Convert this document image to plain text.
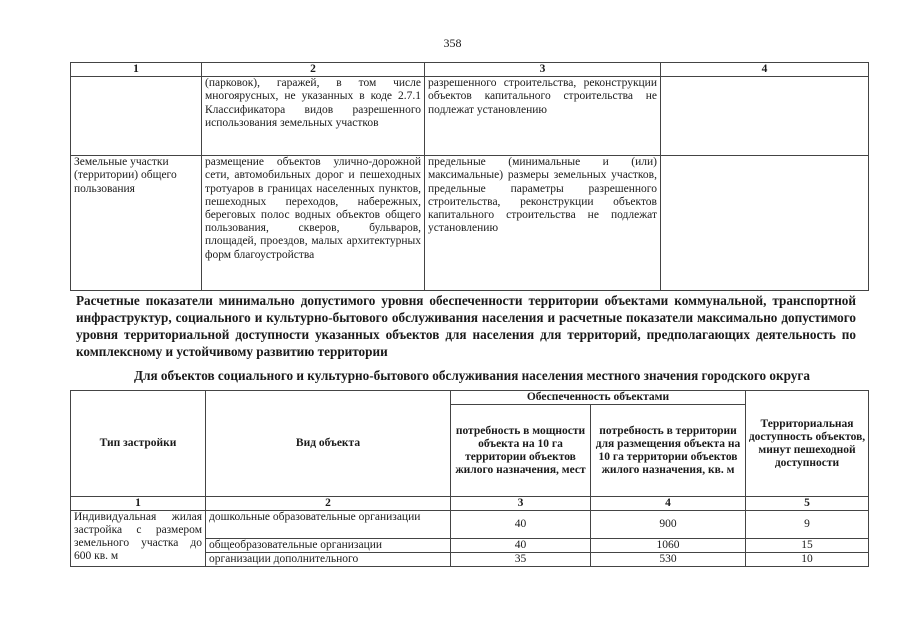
358
1	2	3	4
	(парковок), гаражей, в том числе многоярусных, не указанных в коде 2.7.1 Классификатора видов разрешенного использования земельных участков	разрешенного строительства, реконструкции объектов капитального строительства не подлежат установлению	
Земельные участки (территории) общего пользования	размещение объектов улично-дорожной сети, автомобильных дорог и пешеходных тротуаров в границах населенных пунктов, пешеходных переходов, набережных, береговых полос водных объектов общего пользования, скверов, бульваров, площадей, проездов, малых архитектурных форм благоустройства	предельные (минимальные и (или) максимальные) размеры земельных участков, предельные параметры разрешенного строительства, реконструкции объектов капитального строительства не подлежат установлению	
Расчетные показатели минимально допустимого уровня обеспеченности территории объектами коммунальной, транспортной инфраструктур, социального и культурно-бытового обслуживания населения и расчетные показатели максимально допустимого уровня территориальной доступности указанных объектов для населения для территорий, предполагающих деятельность по комплексному и устойчивому развитию территории
Для объектов социального и культурно-бытового обслуживания населения местного значения городского округа
Тип застройки	Вид объекта	Обеспеченность объектами		Территориальная доступность объектов, минут пешеходной доступности
		потребность в мощности объекта на 10 га территории объектов жилого назначения, мест	потребность в территории для размещения объекта на 10 га территории объектов жилого назначения, кв. м	
1	2	3	4	5
Индивидуальная жилая застройка с размером земельного участка до 600 кв. м	дошкольные образовательные организации	40	900	9
	общеобразовательные организации	40	1060	15
	организации дополнительного	35	530	10
